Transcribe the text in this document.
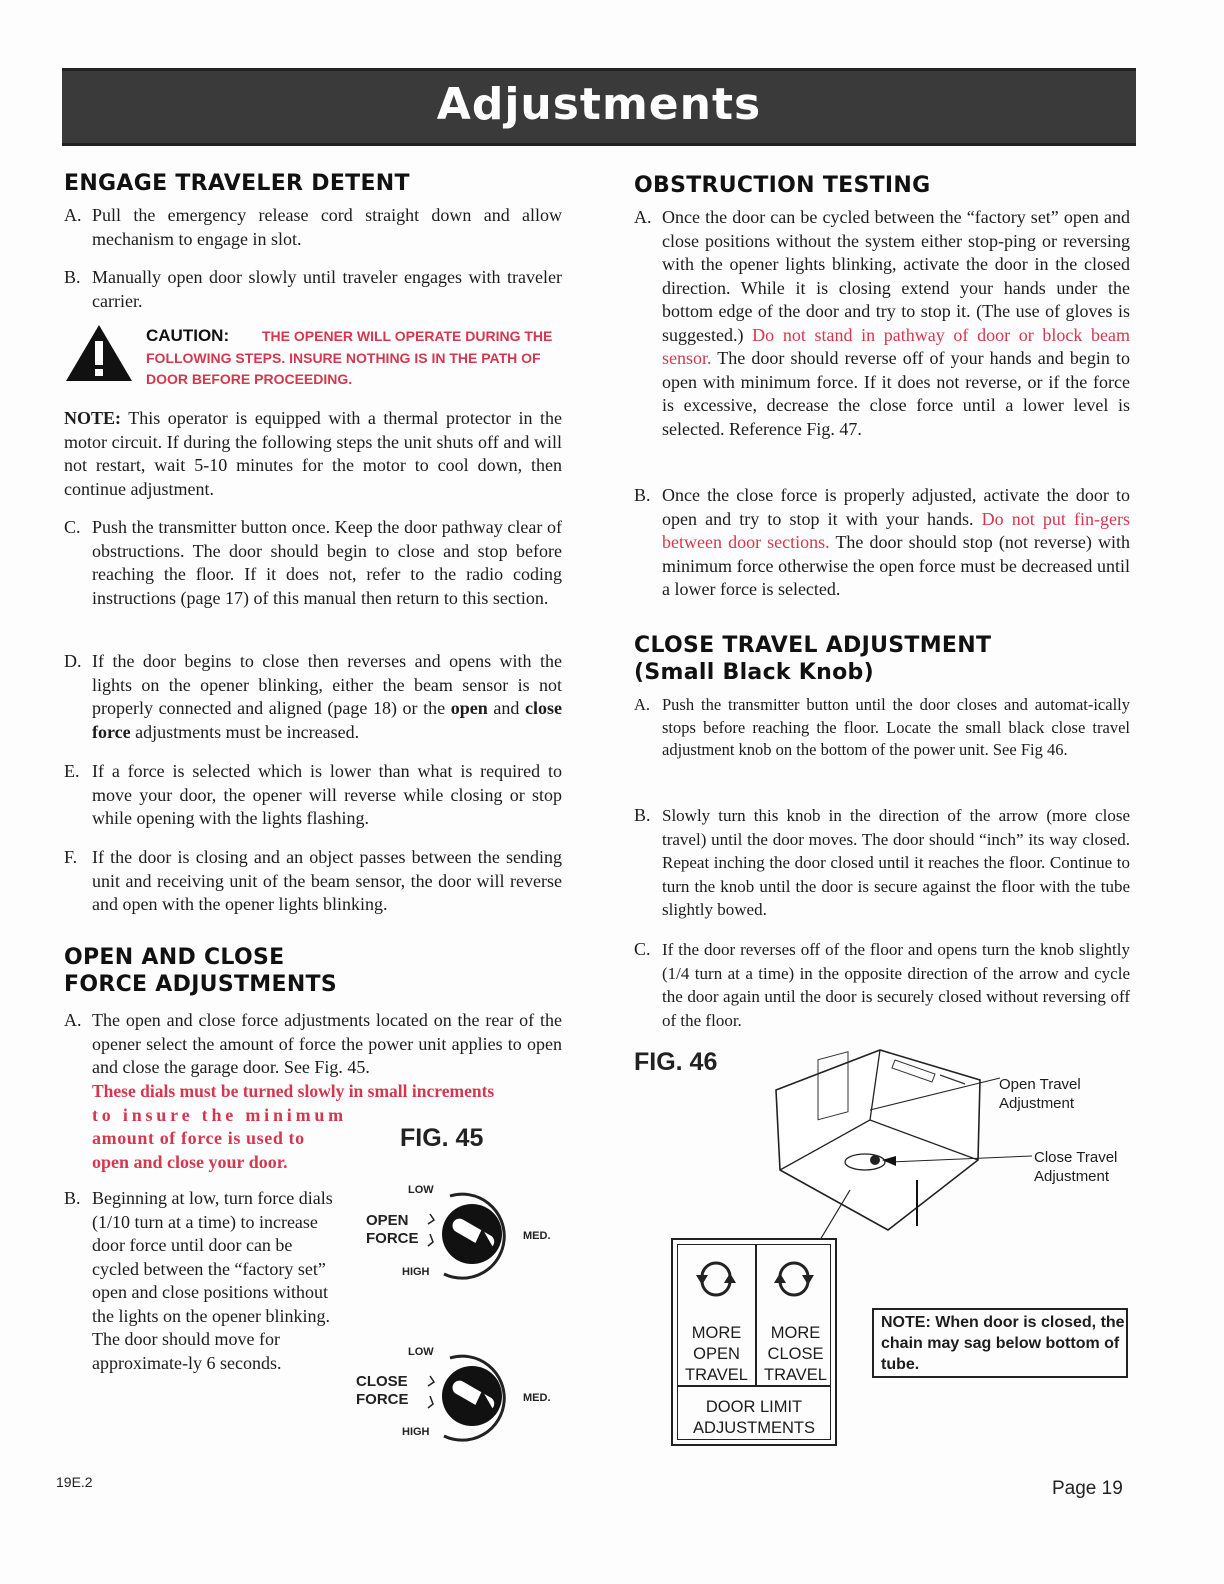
Adjustments
ENGAGE TRAVELER DETENT
A. Pull the emergency release cord straight down and allow mechanism to engage in slot.
B. Manually open door slowly until traveler engages with traveler carrier.
THE OPENER WILL OPERATE DURING THE FOLLOWING STEPS. INSURE NOTHING IS IN THE PATH OF DOOR BEFORE PROCEEDING.
CAUTION:
NOTE: This operator is equipped with a thermal protector in the motor circuit. If during the following steps the unit shuts off and will not restart, wait 5-10 minutes for the motor to cool down, then continue adjustment.
C. Push the transmitter button once. Keep the door pathway clear of obstructions. The door should begin to close and stop before reaching the floor. If it does not, refer to the radio coding instructions (page 17) of this manual then return to this section.
D. If the door begins to close then reverses and opens with the lights on the opener blinking, either the beam sensor is not properly connected and aligned (page 18) or the open and close force adjustments must be increased.
E. If a force is selected which is lower than what is required to move your door, the opener will reverse while closing or stop while opening with the lights flashing.
F. If the door is closing and an object passes between the sending unit and receiving unit of the beam sensor, the door will reverse and open with the opener lights blinking.
OPEN AND CLOSE
FORCE ADJUSTMENTS
A. The open and close force adjustments located on the rear of the opener select the amount of force the power unit applies to open and close the garage door. See Fig. 45.
These dials must be turned slowly in small increments
to insure the minimum
amount of force is used to
open and close your door.
B. Beginning at low, turn force dials (1/10 turn at a time) to increase door force until door can be cycled between the “factory set” open and close positions without the lights on the opener blinking. The door should move for approximate-ly 6 seconds.
FIG. 45
LOW
OPEN
FORCE	MED.
HIGH
LOW
CLOSE
FORCE	MED.
HIGH
OBSTRUCTION TESTING
A. Once the door can be cycled between the “factory set” open and close positions without the system either stop-ping or reversing with the opener lights blinking, activate the door in the closed direction. While it is closing extend your hands under the bottom edge of the door and try to stop it. (The use of gloves is suggested.) Do not stand in pathway of door or block beam sensor. The door should reverse off of your hands and begin to open with minimum force. If it does not reverse, or if the force is excessive, decrease the close force until a lower level is selected. Reference Fig. 47.
B. Once the close force is properly adjusted, activate the door to open and try to stop it with your hands. Do not put fin-gers between door sections. The door should stop (not reverse) with minimum force otherwise the open force must be decreased until a lower force is selected.
CLOSE TRAVEL ADJUSTMENT
(Small Black Knob)
A. Push the transmitter button until the door closes and automat-ically stops before reaching the floor. Locate the small black close travel adjustment knob on the bottom of the power unit. See Fig 46.
B. Slowly turn this knob in the direction of the arrow (more close travel) until the door moves. The door should “inch” its way closed. Repeat inching the door closed until it reaches the floor. Continue to turn the knob until the door is secure against the floor with the tube slightly bowed.
C. If the door reverses off of the floor and opens turn the knob slightly (1/4 turn at a time) in the opposite direction of the arrow and cycle the door again until the door is securely closed without reversing off of the floor.
FIG. 46
Open Travel
Adjustment
Close Travel
Adjustment
MORE
OPEN
TRAVEL
MORE
CLOSE
TRAVEL
DOOR LIMIT
ADJUSTMENTS
NOTE: When door is closed, the chain may sag below bottom of tube.
19E.2	Page 19
